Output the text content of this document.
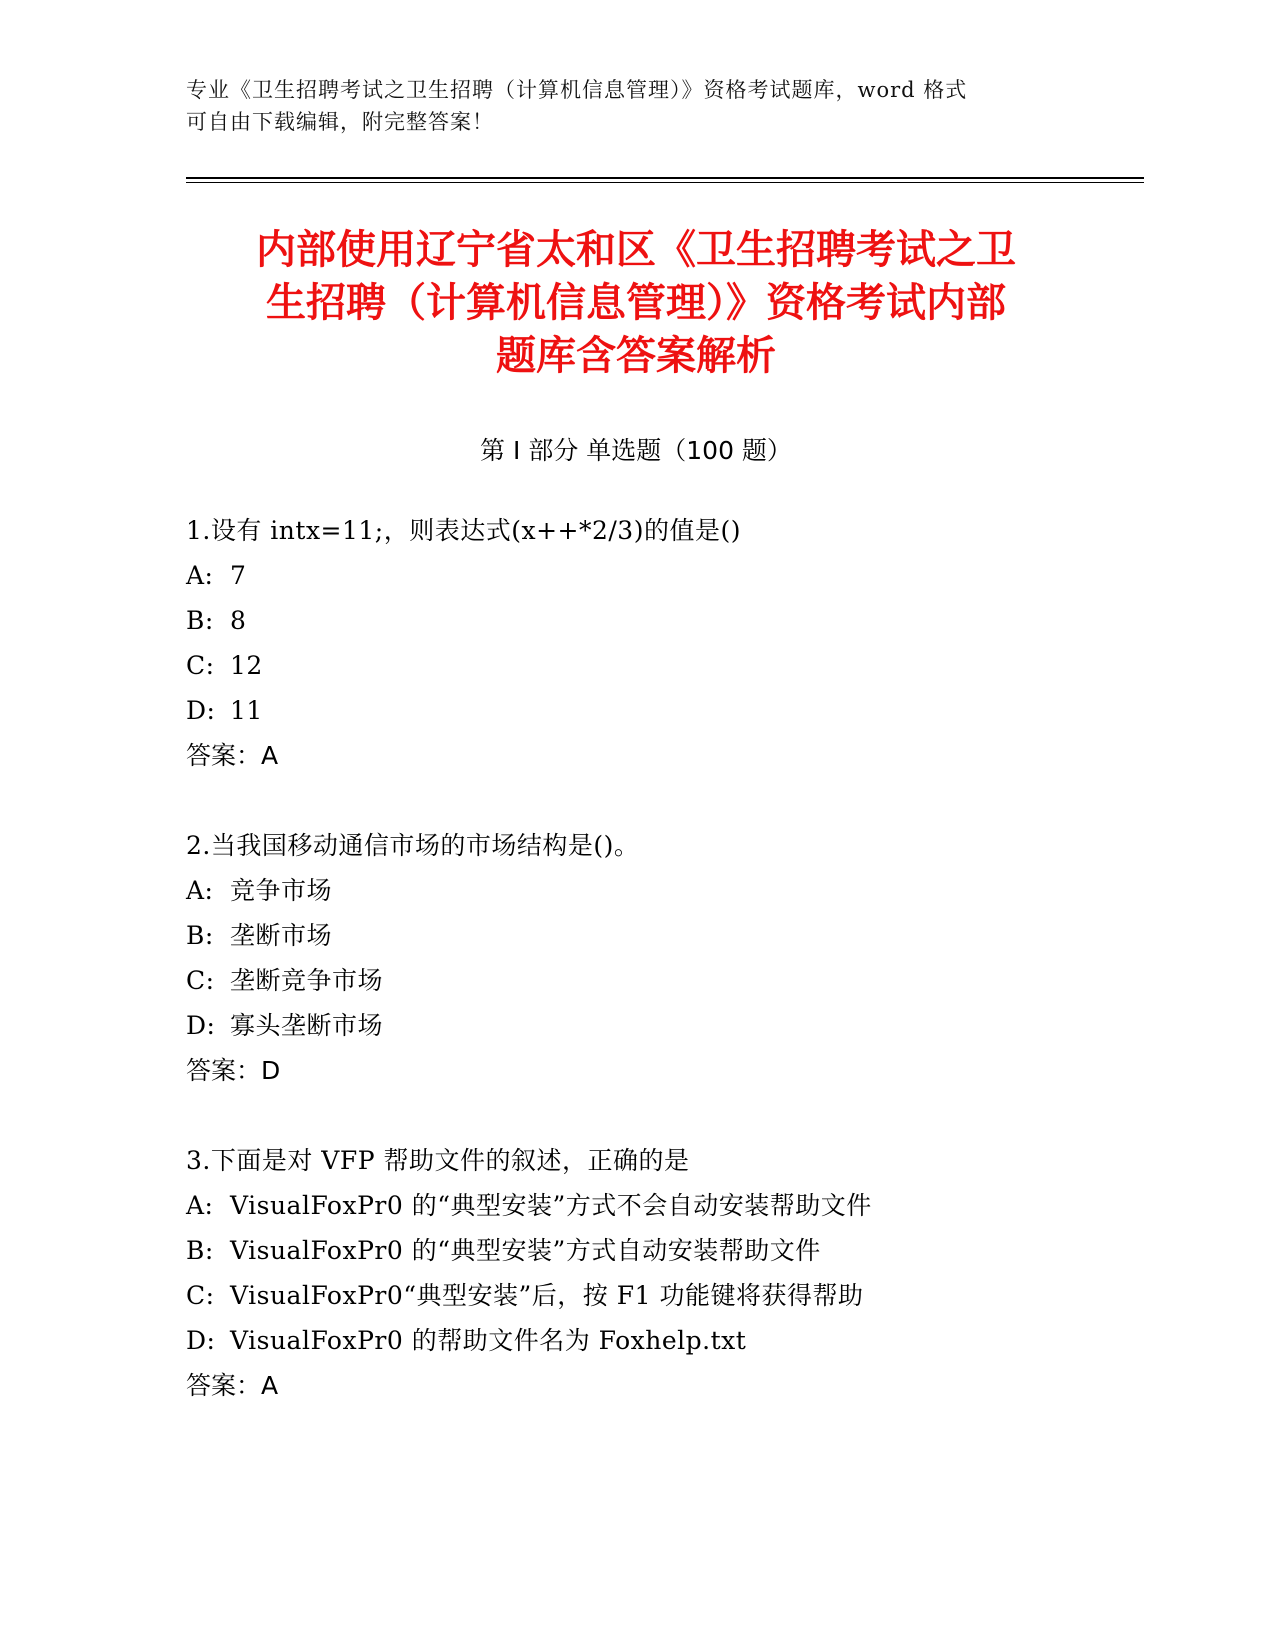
专业《卫生招聘考试之卫生招聘（计算机信息管理）》资格考试题库，word 格式
可自由下载编辑，附完整答案！
内部使用辽宁省太和区《卫生招聘考试之卫
生招聘（计算机信息管理）》资格考试内部
题库含答案解析
第 I 部分 单选题（100 题）
1.设有 intx=11;，则表达式(x++*2/3)的值是()
A: 7
B: 8
C: 12
D: 11
答案：A
2.当我国移动通信市场的市场结构是()。
A: 竞争市场
B: 垄断市场
C: 垄断竞争市场
D: 寡头垄断市场
答案：D
3.下面是对 VFP 帮助文件的叙述，正确的是
A: VisualFoxPr0 的“典型安装”方式不会自动安装帮助文件
B: VisualFoxPr0 的“典型安装”方式自动安装帮助文件
C: VisualFoxPr0“典型安装”后，按 F1 功能键将获得帮助
D: VisualFoxPr0 的帮助文件名为 Foxhelp.txt
答案：A
